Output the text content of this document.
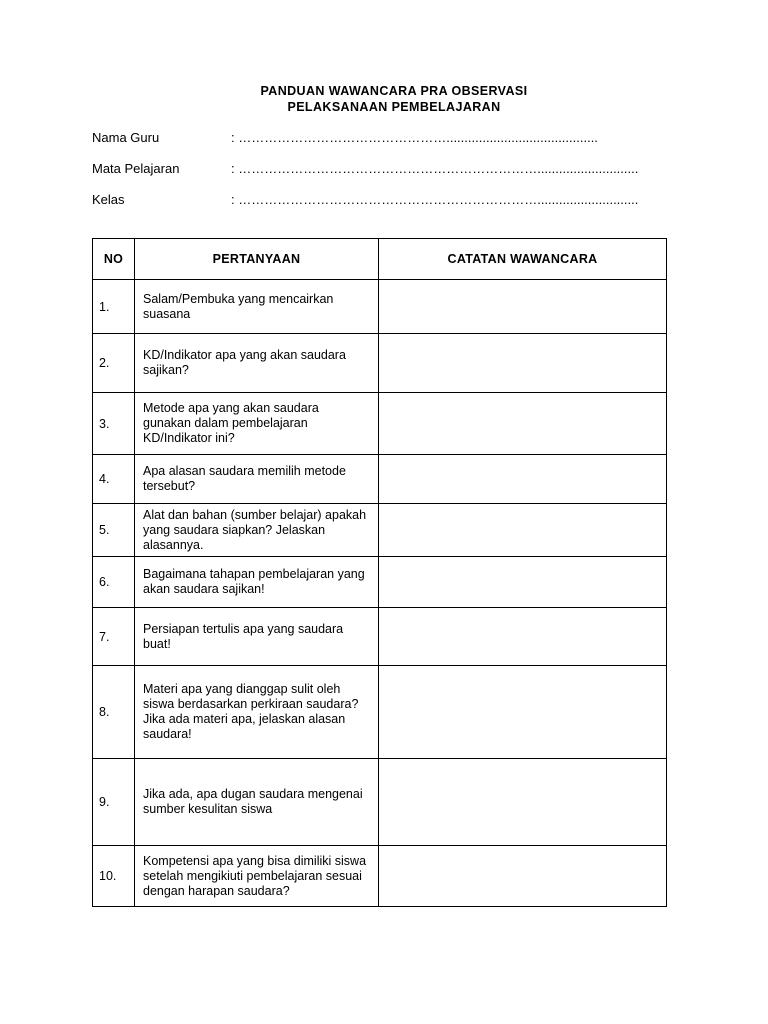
PANDUAN WAWANCARA PRA OBSERVASI
PELAKSANAAN PEMBELAJARAN
Nama Guru	: …………………………………………..........................................
Mata Pelajaran	: ……………………………………………………………............................
Kelas	: ……………………………………………………………............................
NO	PERTANYAAN	CATATAN WAWANCARA
1.	Salam/Pembuka yang mencairkan suasana	
2.	KD/Indikator apa yang akan saudara sajikan?	
3.	Metode apa yang akan saudara gunakan dalam pembelajaran KD/Indikator ini?	
4.	Apa alasan saudara memilih metode tersebut?	
5.	Alat dan bahan (sumber belajar) apakah yang saudara siapkan? Jelaskan alasannya.	
6.	Bagaimana tahapan pembelajaran yang akan saudara sajikan!	
7.	Persiapan tertulis apa yang saudara buat!	
8.	Materi apa yang dianggap sulit oleh siswa berdasarkan perkiraan saudara? Jika ada materi apa, jelaskan alasan saudara!	
9.	Jika ada, apa dugan saudara mengenai sumber kesulitan siswa	
10.	Kompetensi apa yang bisa dimiliki siswa setelah mengikiuti pembelajaran sesuai dengan harapan saudara?	
